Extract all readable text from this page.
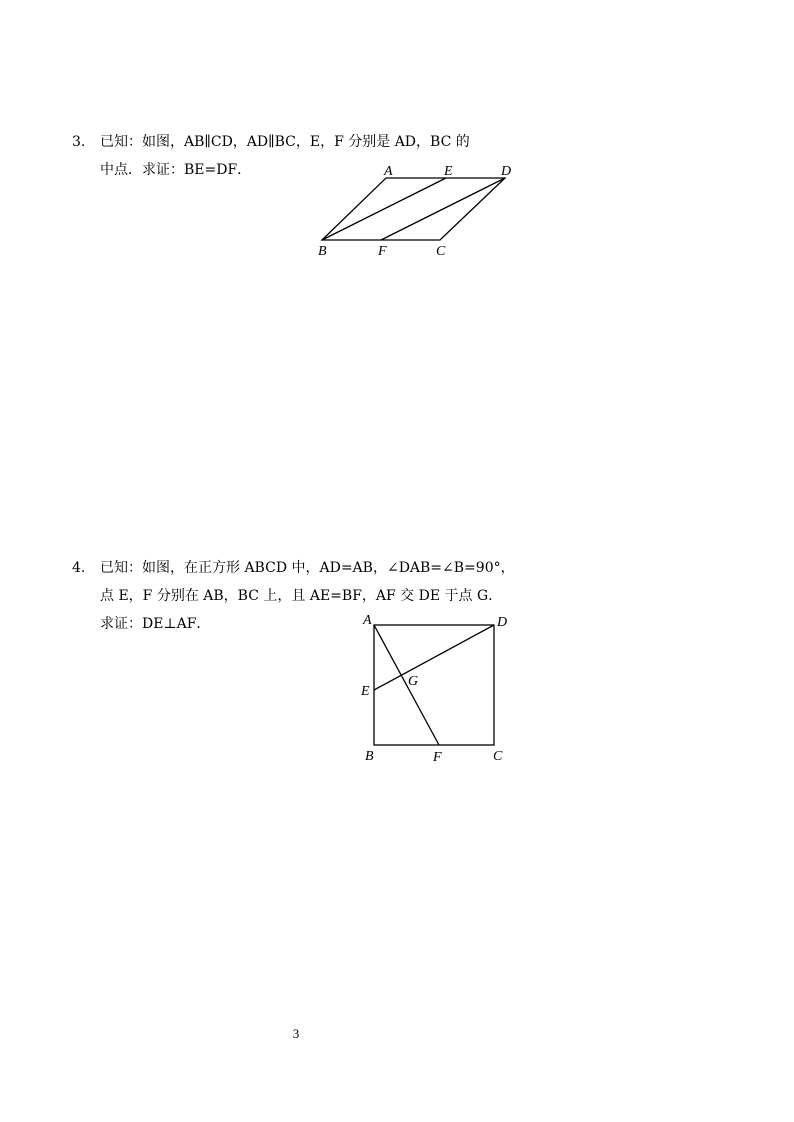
3.	已知：如图，AB∥CD，AD∥BC，E，F 分别是 AD，BC 的
中点．求证：BE=DF．	A	E	D
B	F	C
4.	已知：如图，在正方形 ABCD 中，AD=AB，∠DAB=∠B=90°，
点 E，F 分别在 AB，BC 上，且 AE=BF，AF 交 DE 于点 G．
求证：DE⊥AF．	A	D
E
G
B	F	C
3
